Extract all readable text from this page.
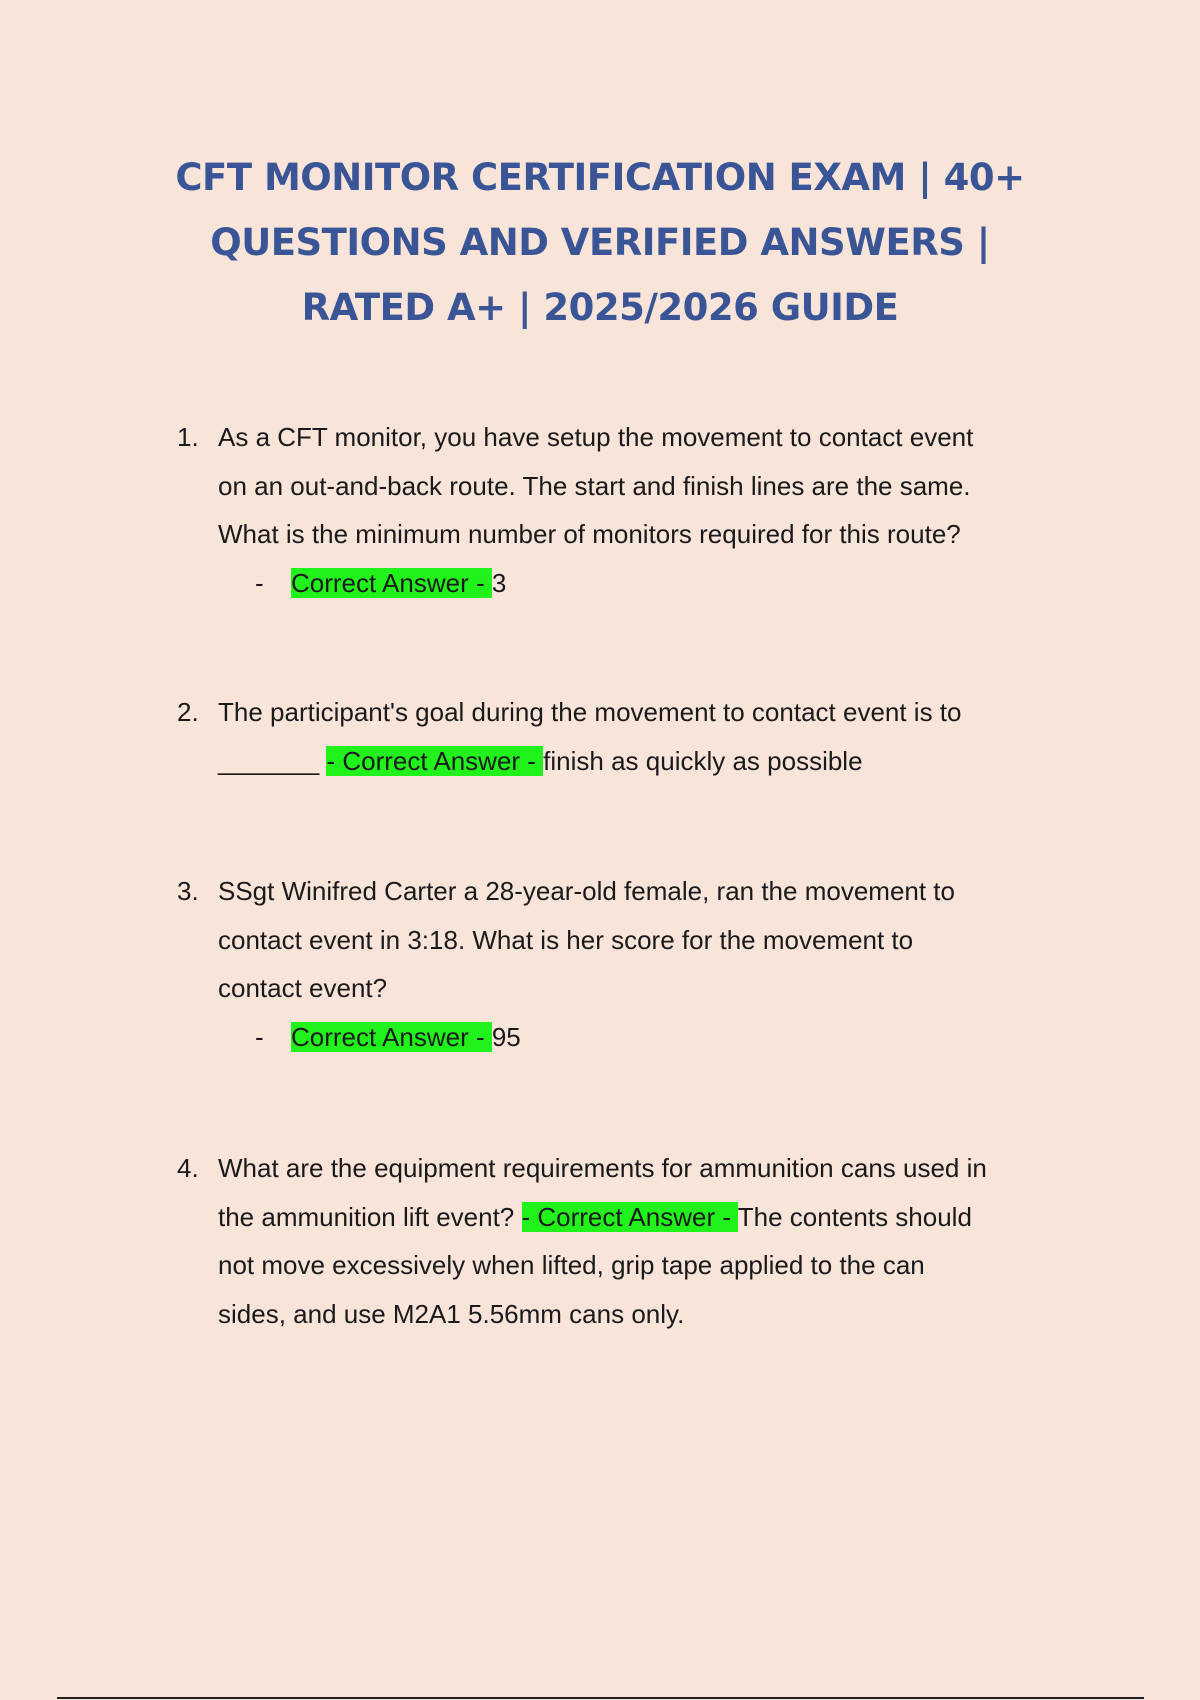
CFT MONITOR CERTIFICATION EXAM | 40+
QUESTIONS AND VERIFIED ANSWERS |
RATED A+ | 2025/2026 GUIDE
1. As a CFT monitor, you have setup the movement to contact event
on an out-and-back route. The start and finish lines are the same.
What is the minimum number of monitors required for this route?
- Correct Answer - 3

2. The participant's goal during the movement to contact event is to
_______ - Correct Answer - finish as quickly as possible
3. SSgt Winifred Carter a 28-year-old female, ran the movement to
contact event in 3:18. What is her score for the movement to
contact event?
- Correct Answer - 95

4. What are the equipment requirements for ammunition cans used in
the ammunition lift event? - Correct Answer - The contents should
not move excessively when lifted, grip tape applied to the can
sides, and use M2A1 5.56mm cans only.
